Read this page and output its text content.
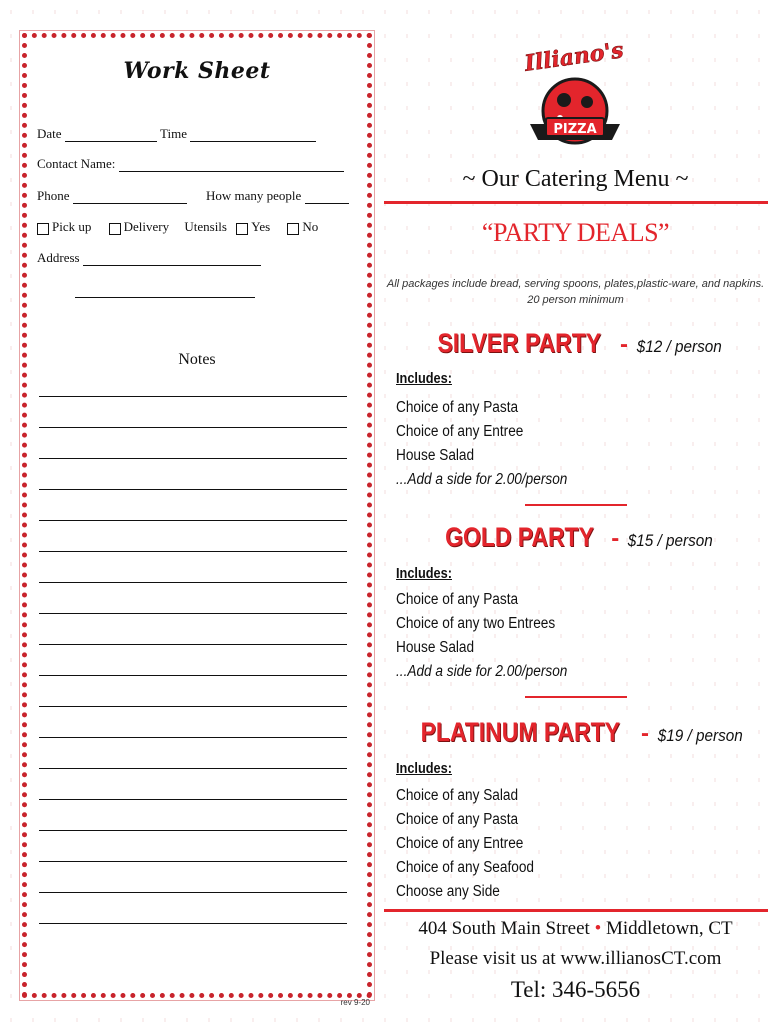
Work Sheet
Date	Time
Contact Name:
Phone	How many people
Pick up Delivery Utensils Yes No
Address
Notes
rev 9-20
Illiano's
PIZZA
~ Our Catering Menu ~
“PARTY DEALS”
All packages include bread, serving spoons, plates,plastic-ware, and napkins.
20 person minimum
SILVER PARTY - $12 / person
Includes:
Choice of any Pasta
Choice of any Entree
House Salad
...Add a side for 2.00/person
GOLD PARTY - $15 / person
Includes:
Choice of any Pasta
Choice of any two Entrees
House Salad
...Add a side for 2.00/person
PLATINUM PARTY - $19 / person
Includes:
Choice of any Salad
Choice of any Pasta
Choice of any Entree
Choice of any Seafood
Choose any Side
404 South Main Street • Middletown, CT
Please visit us at www.illianosCT.com
Tel: 346-5656
